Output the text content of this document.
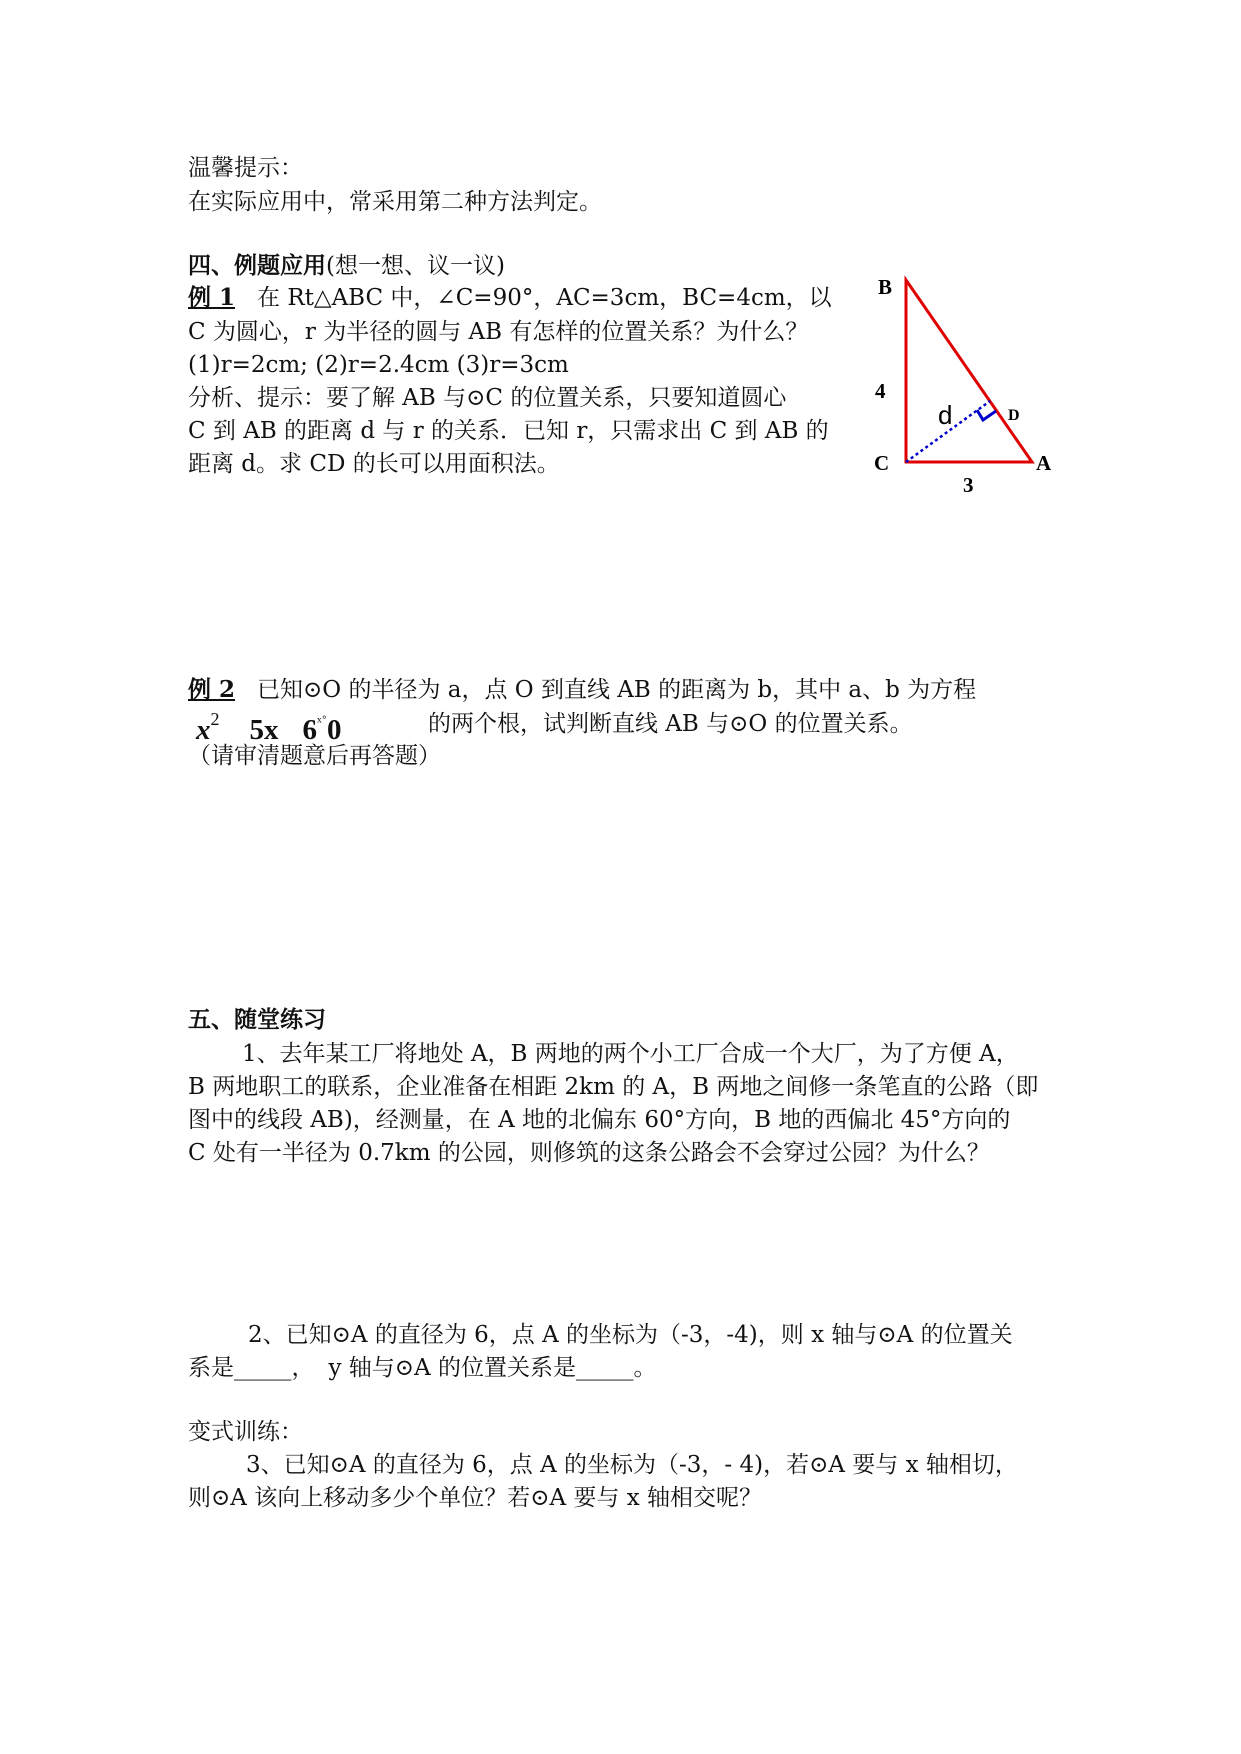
温馨提示：
在实际应用中，常采用第二种方法判定。
四、例题应用(想一想、议一议)
例 1 在 Rt△ABC 中，∠C=90°，AC=3cm，BC=4cm，以
C 为圆心，r 为半径的圆与 AB 有怎样的位置关系？为什么？
(1)r=2cm; (2)r=2.4cm (3)r=3cm
分析、提示：要了解 AB 与⊙C 的位置关系，只要知道圆心
C 到 AB 的距离 d 与 r 的关系．已知 r，只需求出 C 到 AB 的
距离 d。求 CD 的长可以用面积法。
B
C	A
D
d
4
3
例 2 已知⊙O 的半径为 a，点 O 到直线 AB 的距离为 b，其中 a、b 为方程
$x^2$ 5x $6^{ˣ˚}0$	的两个根，试判断直线 AB 与⊙O 的位置关系。
（请审清题意后再答题）
五、随堂练习
1、去年某工厂将地处 A，B 两地的两个小工厂合成一个大厂，为了方便 A，
B 两地职工的联系，企业准备在相距 2km 的 A，B 两地之间修一条笔直的公路（即
图中的线段 AB)，经测量，在 A 地的北偏东 60°方向，B 地的西偏北 45°方向的
C 处有一半径为 0.7km 的公园，则修筑的这条公路会不会穿过公园？为什么？
2、已知⊙A 的直径为 6，点 A 的坐标为（-3，-4)，则 x 轴与⊙A 的位置关
系是_____， y 轴与⊙A 的位置关系是_____。
变式训练：
3、已知⊙A 的直径为 6，点 A 的坐标为（-3，- 4)，若⊙A 要与 x 轴相切，
则⊙A 该向上移动多少个单位？若⊙A 要与 x 轴相交呢？
